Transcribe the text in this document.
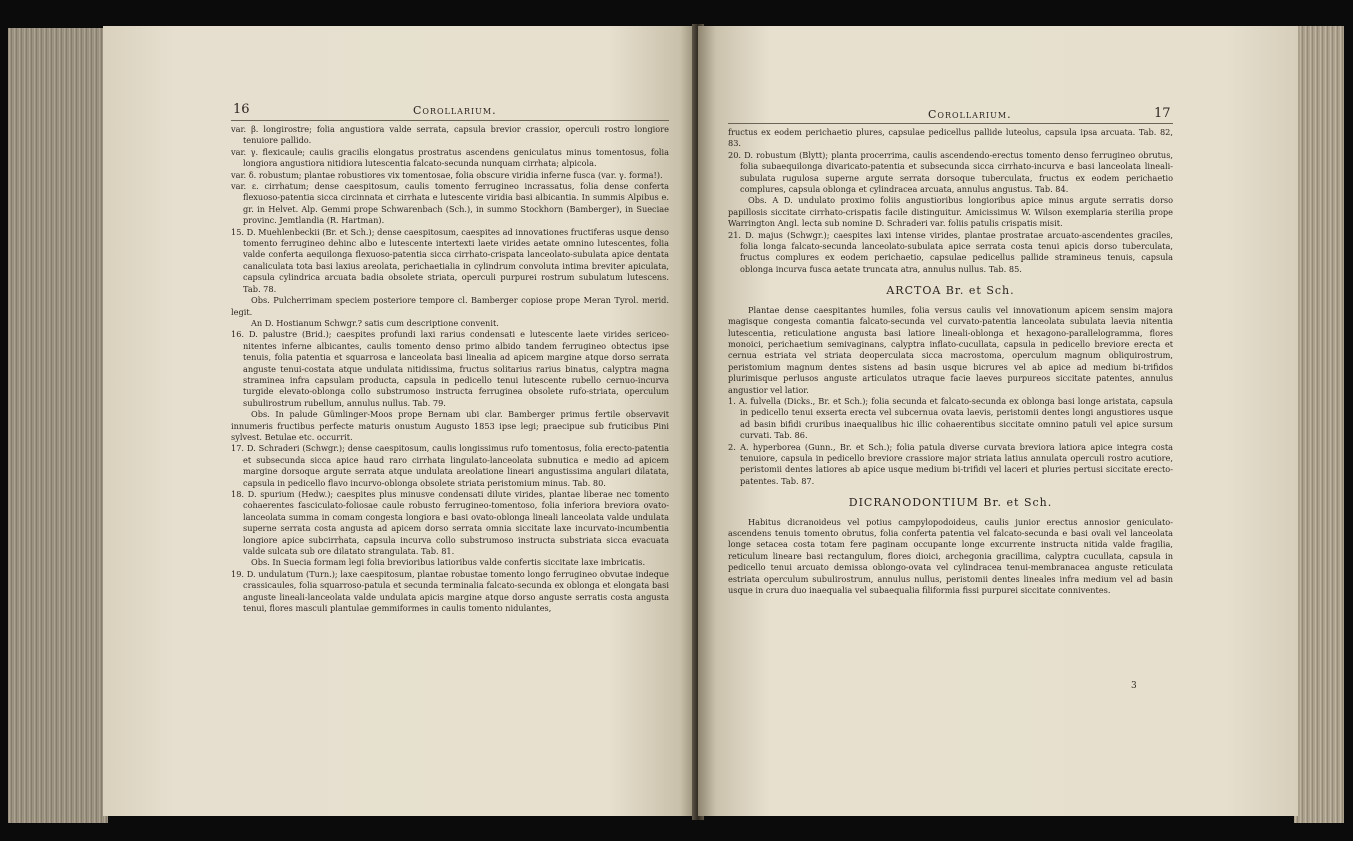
16	Corollarium.

var. β. longirostre; folia angustiora valde serrata, capsula brevior crassior, operculi rostro longiore tenuiore pallido.

var. γ. flexicaule; caulis gracilis elongatus prostratus ascendens geniculatus minus tomentosus, folia longiora angustiora nitidiora lutescentia falcato-secunda nunquam cirrhata; alpicola.

var. δ. robustum; plantae robustiores vix tomentosae, folia obscure viridia inferne fusca (var. γ. forma!).

var. ε. cirrhatum; dense caespitosum, caulis tomento ferrugineo incrassatus, folia dense conferta flexuoso-patentia sicca circinnata et cirrhata e lutescente viridia basi albicantia. In summis Alpibus e. gr. in Helvet. Alp. Gemmi prope Schwarenbach (Sch.), in summo Stockhorn (Bamberger), in Sueciae provinc. Jemtlandia (R. Hartman).

15. D. Muehlenbeckii (Br. et Sch.); dense caespitosum, caespites ad innovationes fructiferas usque denso tomento ferrugineo dehinc albo e lutescente intertexti laete virides aetate omnino lutescentes, folia valde conferta aequilonga flexuoso-patentia sicca cirrhato-crispata lanceolato-subulata apice dentata canaliculata tota basi laxius areolata, perichaetialia in cylindrum convoluta intima breviter apiculata, capsula cylindrica arcuata badia obsolete striata, operculi purpurei rostrum subulatum lutescens. Tab. 78.

Obs. Pulcherrimam speciem posteriore tempore cl. Bamberger copiose prope Meran Tyrol. merid. legit.

An D. Hostianum Schwgr.? satis cum descriptione convenit.

16. D. palustre (Brid.); caespites profundi laxi rarius condensati e lutescente laete virides sericeo-nitentes inferne albicantes, caulis tomento denso primo albido tandem ferrugineo obtectus ipse tenuis, folia patentia et squarrosa e lanceolata basi linealia ad apicem margine atque dorso serrata anguste tenui-costata atque undulata nitidissima, fructus solitarius rarius binatus, calyptra magna straminea infra capsulam producta, capsula in pedicello tenui lutescente rubello cernuo-incurva turgide elevato-oblonga collo substrumoso instructa ferruginea obsolete rufo-striata, operculum subulirostrum rubellum, annulus nullus. Tab. 79.

Obs. In palude Gümlinger-Moos prope Bernam ubi clar. Bamberger primus fertile observavit innumeris fructibus perfecte maturis onustum Augusto 1853 ipse legi; praecipue sub fruticibus Pini sylvest. Betulae etc. occurrit.

17. D. Schraderi (Schwgr.); dense caespitosum, caulis longissimus rufo tomentosus, folia erecto-patentia et subsecunda sicca apice haud raro cirrhata lingulato-lanceolata subnutica e medio ad apicem margine dorsoque argute serrata atque undulata areolatione lineari angustissima angulari dilatata, capsula in pedicello flavo incurvo-oblonga obsolete striata peristomium minus. Tab. 80.

18. D. spurium (Hedw.); caespites plus minusve condensati dilute virides, plantae liberae nec tomento cohaerentes fasciculato-foliosae caule robusto ferrugineo-tomentoso, folia inferiora breviora ovato-lanceolata summa in comam congesta longiora e basi ovato-oblonga lineali lanceolata valde undulata superne serrata costa angusta ad apicem dorso serrata omnia siccitate laxe incurvato-incumbentia longiore apice subcirrhata, capsula incurva collo substrumoso instructa substriata sicca evacuata valde sulcata sub ore dilatato strangulata. Tab. 81.

Obs. In Suecia formam legi folia brevioribus latioribus valde confertis siccitate laxe imbricatis.

19. D. undulatum (Turn.); laxe caespitosum, plantae robustae tomento longo ferrugineo obvutae indeque crassicaules, folia squarroso-patula et secunda terminalia falcato-secunda ex oblonga et elongata basi anguste lineali-lanceolata valde undulata apicis margine atque dorso anguste serratis costa angusta tenui, flores masculi plantulae gemmiformes in caulis tomento nidulantes,

Corollarium.	17

fructus ex eodem perichaetio plures, capsulae pedicellus pallide luteolus, capsula ipsa arcuata. Tab. 82, 83.

20. D. robustum (Blytt); planta procerrima, caulis ascendendo-erectus tomento denso ferrugineo obrutus, folia subaequilonga divaricato-patentia et subsecunda sicca cirrhato-incurva e basi lanceolata lineali-subulata rugulosa superne argute serrata dorsoque tuberculata, fructus ex eodem perichaetio complures, capsula oblonga et cylindracea arcuata, annulus angustus. Tab. 84.

Obs. A D. undulato proximo foliis angustioribus longioribus apice minus argute serratis dorso papillosis siccitate cirrhato-crispatis facile distinguitur. Amicissimus W. Wilson exemplaria sterilia prope Warrington Angl. lecta sub nomine D. Schraderi var. foliis patulis crispatis misit.

21. D. majus (Schwgr.); caespites laxi intense virides, plantae prostratae arcuato-ascendentes graciles, folia longa falcato-secunda lanceolato-subulata apice serrata costa tenui apicis dorso tuberculata, fructus complures ex eodem perichaetio, capsulae pedicellus pallide stramineus tenuis, capsula oblonga incurva fusca aetate truncata atra, annulus nullus. Tab. 85.

ARCTOA Br. et Sch.

Plantae dense caespitantes humiles, folia versus caulis vel innovationum apicem sensim majora magisque congesta comantia falcato-secunda vel curvato-patentia lanceolata subulata laevia nitentia lutescentia, reticulatione angusta basi latiore lineali-oblonga et hexagono-parallelogramma, flores monoici, perichaetium semivaginans, calyptra inflato-cucullata, capsula in pedicello breviore erecta et cernua estriata vel striata deoperculata sicca macrostoma, operculum magnum obliquirostrum, peristomium magnum dentes sistens ad basin usque bicrures vel ab apice ad medium bi-trifidos plurimisque perlusos anguste articulatos utraque facie laeves purpureos siccitate patentes, annulus angustior vel latior.

1. A. fulvella (Dicks., Br. et Sch.); folia secunda et falcato-secunda ex oblonga basi longe aristata, capsula in pedicello tenui exserta erecta vel subcernua ovata laevis, peristomii dentes longi angustiores usque ad basin bifidi cruribus inaequalibus hic illic cohaerentibus siccitate omnino patuli vel apice sursum curvati. Tab. 86.

2. A. hyperborea (Gunn., Br. et Sch.); folia patula diverse curvata breviora latiora apice integra costa tenuiore, capsula in pedicello breviore crassiore major striata latius annulata operculi rostro acutiore, peristomii dentes latiores ab apice usque medium bi-trifidi vel laceri et pluries pertusi siccitate erecto-patentes. Tab. 87.

DICRANODONTIUM Br. et Sch.

Habitus dicranoideus vel potius campylopodoideus, caulis junior erectus annosior geniculato-ascendens tenuis tomento obrutus, folia conferta patentia vel falcato-secunda e basi ovali vel lanceolata longe setacea costa totam fere paginam occupante longe excurrente instructa nitida valde fragilia, reticulum lineare basi rectangulum, flores dioici, archegonia gracillima, calyptra cucullata, capsula in pedicello tenui arcuato demissa oblongo-ovata vel cylindracea tenui-membranacea anguste reticulata estriata operculum subulirostrum, annulus nullus, peristomii dentes lineales infra medium vel ad basin usque in crura duo inaequalia vel subaequalia filiformia fissi purpurei siccitate conniventes.

3
